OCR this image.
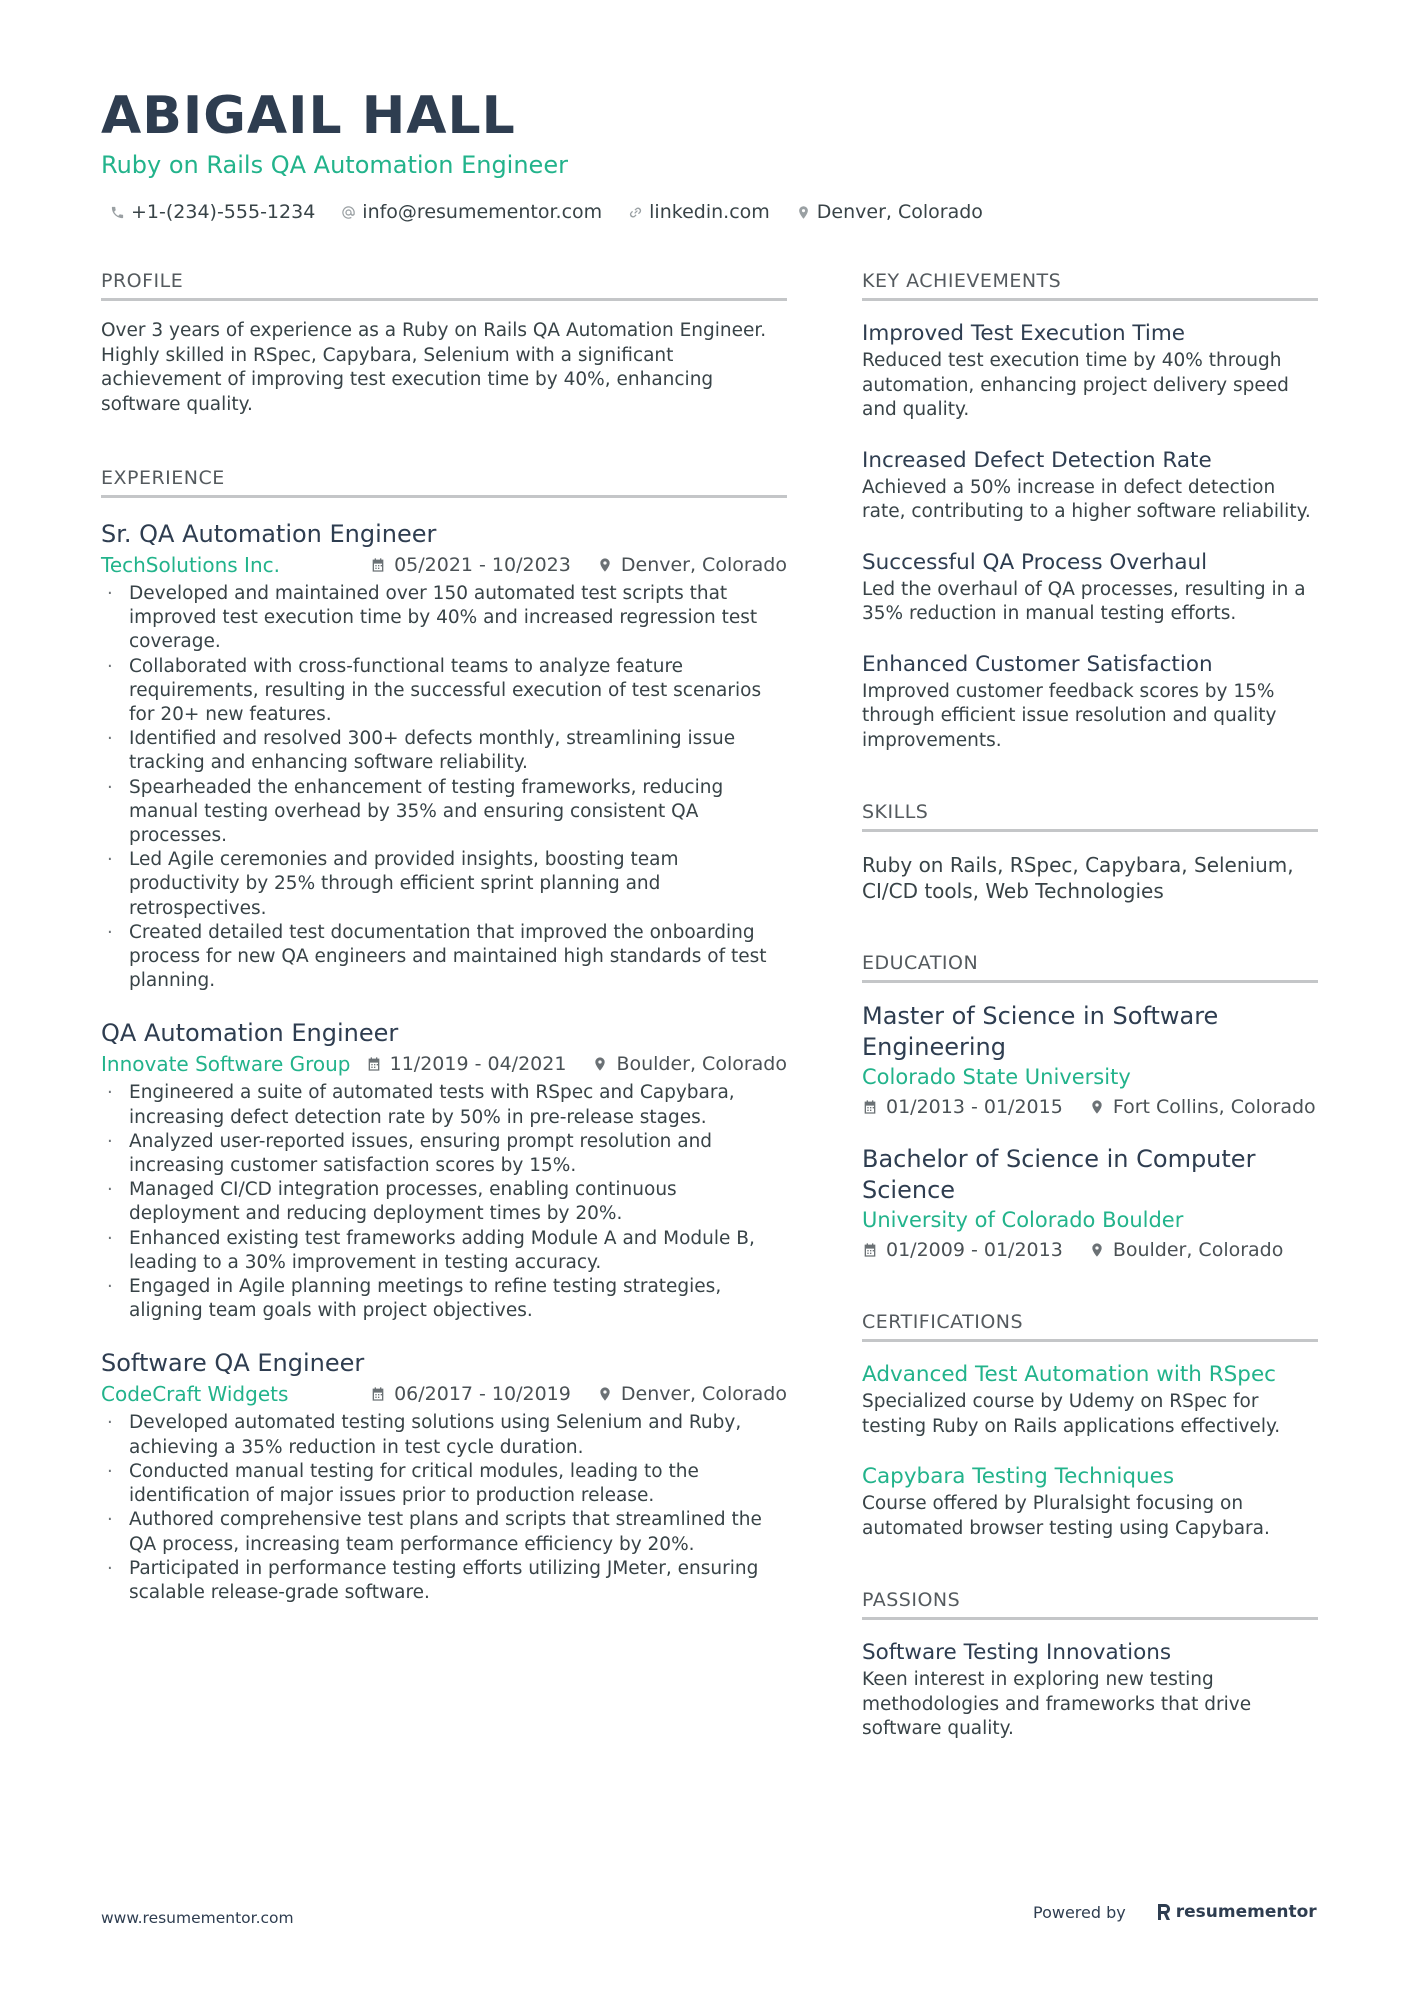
ABIGAIL HALL
Ruby on Rails QA Automation Engineer
+1-(234)-555-1234 info@resumementor.com linkedin.com Denver, Colorado
PROFILE
Over 3 years of experience as a Ruby on Rails QA Automation Engineer. Highly skilled in RSpec, Capybara, Selenium with a significant achievement of improving test execution time by 40%, enhancing software quality.
EXPERIENCE
Sr. QA Automation Engineer
TechSolutions Inc.	05/2021 - 10/2023	Denver, Colorado
· Developed and maintained over 150 automated test scripts that improved test execution time by 40% and increased regression test coverage.
· Collaborated with cross-functional teams to analyze feature requirements, resulting in the successful execution of test scenarios for 20+ new features.
· Identified and resolved 300+ defects monthly, streamlining issue tracking and enhancing software reliability.
· Spearheaded the enhancement of testing frameworks, reducing manual testing overhead by 35% and ensuring consistent QA processes.
· Led Agile ceremonies and provided insights, boosting team productivity by 25% through efficient sprint planning and retrospectives.
· Created detailed test documentation that improved the onboarding process for new QA engineers and maintained high standards of test planning.
QA Automation Engineer
Innovate Software Group 11/2019 - 04/2021	Boulder, Colorado
· Engineered a suite of automated tests with RSpec and Capybara, increasing defect detection rate by 50% in pre-release stages.
· Analyzed user-reported issues, ensuring prompt resolution and increasing customer satisfaction scores by 15%.
· Managed CI/CD integration processes, enabling continuous deployment and reducing deployment times by 20%.
· Enhanced existing test frameworks adding Module A and Module B, leading to a 30% improvement in testing accuracy.
· Engaged in Agile planning meetings to refine testing strategies, aligning team goals with project objectives.
Software QA Engineer
CodeCraft Widgets	06/2017 - 10/2019	Denver, Colorado
· Developed automated testing solutions using Selenium and Ruby, achieving a 35% reduction in test cycle duration.
· Conducted manual testing for critical modules, leading to the identification of major issues prior to production release.
· Authored comprehensive test plans and scripts that streamlined the QA process, increasing team performance efficiency by 20%.
· Participated in performance testing efforts utilizing JMeter, ensuring scalable release-grade software.
KEY ACHIEVEMENTS
Improved Test Execution Time
Reduced test execution time by 40% through automation, enhancing project delivery speed and quality.
Increased Defect Detection Rate
Achieved a 50% increase in defect detection rate, contributing to a higher software reliability.
Successful QA Process Overhaul
Led the overhaul of QA processes, resulting in a 35% reduction in manual testing efforts.
Enhanced Customer Satisfaction
Improved customer feedback scores by 15% through efficient issue resolution and quality improvements.
SKILLS
Ruby on Rails, RSpec, Capybara, Selenium, CI/CD tools, Web Technologies
EDUCATION
Master of Science in Software Engineering
Colorado State University
01/2013 - 01/2015	Fort Collins, Colorado
Bachelor of Science in Computer Science
University of Colorado Boulder
01/2009 - 01/2013	Boulder, Colorado
CERTIFICATIONS
Advanced Test Automation with RSpec
Specialized course by Udemy on RSpec for testing Ruby on Rails applications effectively.
Capybara Testing Techniques
Course offered by Pluralsight focusing on automated browser testing using Capybara.
PASSIONS
Software Testing Innovations
Keen interest in exploring new testing methodologies and frameworks that drive software quality.
www.resumementor.com	Powered by	resumementor
